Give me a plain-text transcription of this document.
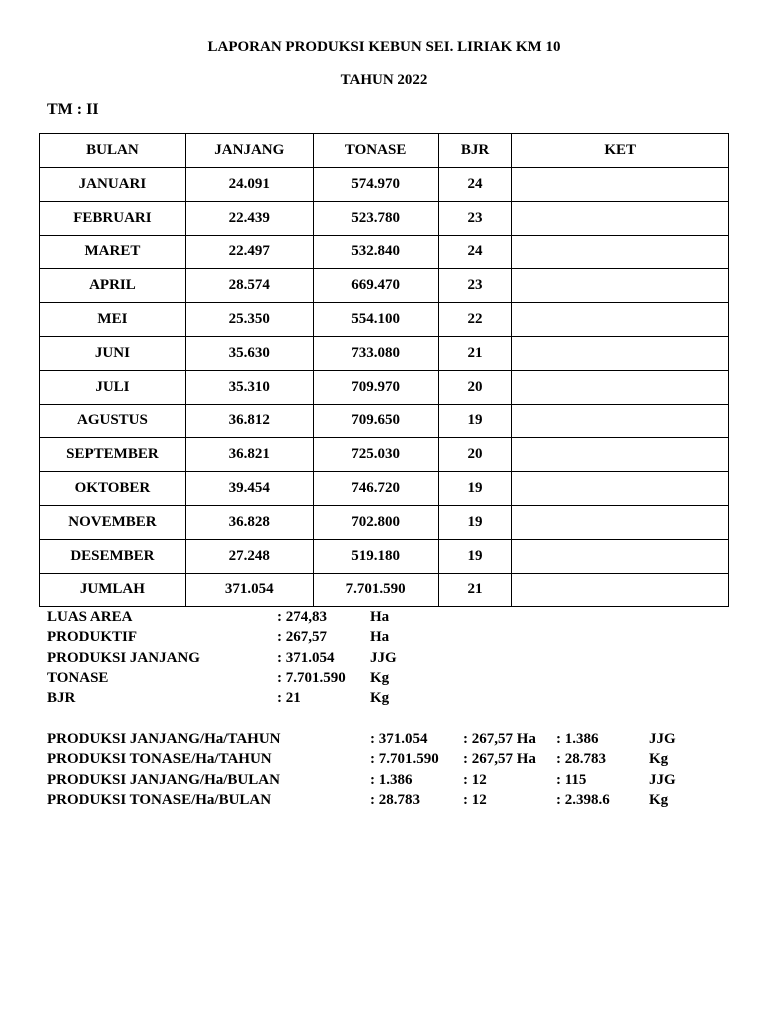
LAPORAN PRODUKSI KEBUN SEI. LIRIAK KM 10
TAHUN 2022
TM : II
BULAN	JANJANG	TONASE	BJR	KET
JANUARI	24.091	574.970	24	
FEBRUARI	22.439	523.780	23	
MARET	22.497	532.840	24	
APRIL	28.574	669.470	23	
MEI	25.350	554.100	22	
JUNI	35.630	733.080	21	
JULI	35.310	709.970	20	
AGUSTUS	36.812	709.650	19	
SEPTEMBER	36.821	725.030	20	
OKTOBER	39.454	746.720	19	
NOVEMBER	36.828	702.800	19	
DESEMBER	27.248	519.180	19	
JUMLAH	371.054	7.701.590	21	
LUAS AREA	: 274,83	Ha
PRODUKTIF	: 267,57	Ha
PRODUKSI JANJANG	: 371.054 JJG
TONASE	: 7.701.590 Kg
BJR	: 21	Kg
PRODUKSI JANJANG/Ha/TAHUN	: 371.054 : 267,57 Ha : 1.386	JJG
PRODUKSI TONASE/Ha/TAHUN	: 7.701.590 : 267,57 Ha : 28.783	Kg
PRODUKSI JANJANG/Ha/BULAN	: 1.386	: 12	: 115	JJG
PRODUKSI TONASE/Ha/BULAN	: 28.783	: 12	: 2.398.6	Kg
